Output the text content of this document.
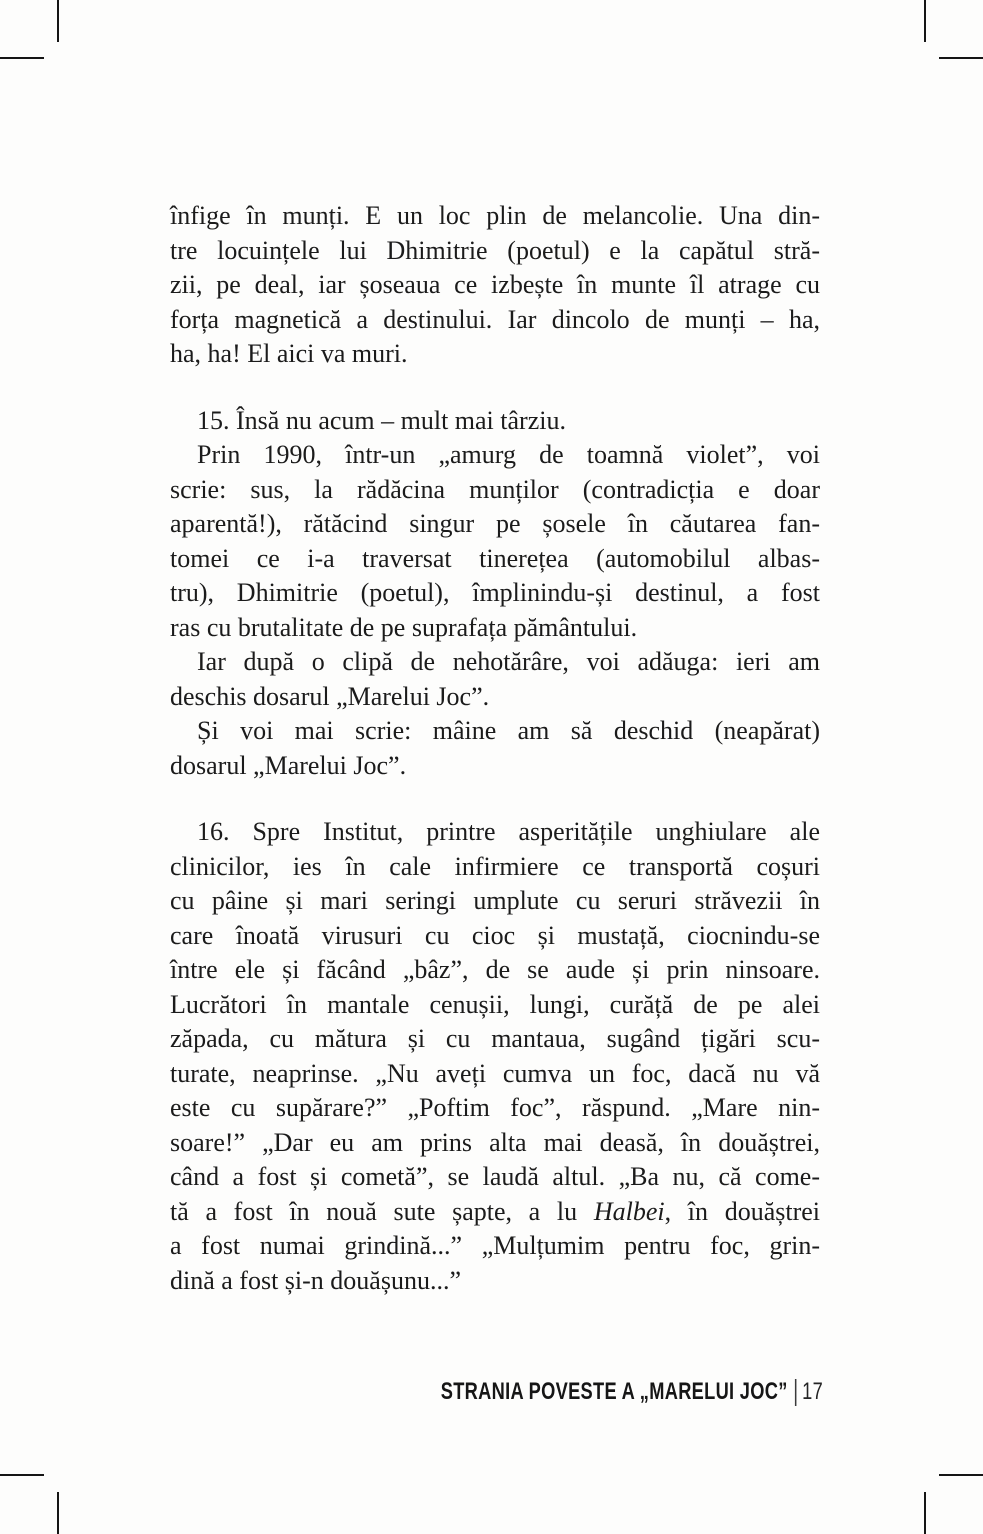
înfige în munți. E un loc plin de melancolie. Una din-
tre locuințele lui Dhimitrie (poetul) e la capătul stră-
zii, pe deal, iar șoseaua ce izbește în munte îl atrage cu
forța magnetică a destinului. Iar dincolo de munți – ha,
ha, ha! El aici va muri.
15. Însă nu acum – mult mai târziu.
Prin 1990, într-un „amurg de toamnă violet”, voi
scrie: sus, la rădăcina munților (contradicția e doar
aparentă!), rătăcind singur pe șosele în căutarea fan-
tomei ce i-a traversat tinerețea (automobilul albas-
tru), Dhimitrie (poetul), împlinindu-și destinul, a fost
ras cu brutalitate de pe suprafața pământului.
Iar după o clipă de nehotărâre, voi adăuga: ieri am
deschis dosarul „Marelui Joc”.
Și voi mai scrie: mâine am să deschid (neapărat)
dosarul „Marelui Joc”.
16. Spre Institut, printre asperitățile unghiulare ale
clinicilor, ies în cale infirmiere ce transportă coșuri
cu pâine și mari seringi umplute cu seruri străvezii în
care înoată virusuri cu cioc și mustață, ciocnindu-se
între ele și făcând „bâz”, de se aude și prin ninsoare.
Lucrători în mantale cenușii, lungi, curăță de pe alei
zăpada, cu mătura și cu mantaua, sugând țigări scu-
turate, neaprinse. „Nu aveți cumva un foc, dacă nu vă
este cu supărare?” „Poftim foc”, răspund. „Mare nin-
soare!” „Dar eu am prins alta mai deasă, în douăștrei,
când a fost și cometă”, se laudă altul. „Ba nu, că come-
tă a fost în nouă sute șapte, a lu Halbei, în douăștrei
a fost numai grindină...” „Mulțumim pentru foc, grin-
dină a fost și-n douășunu...”
STRANIA POVESTE A „MARELUI JOC” 17
